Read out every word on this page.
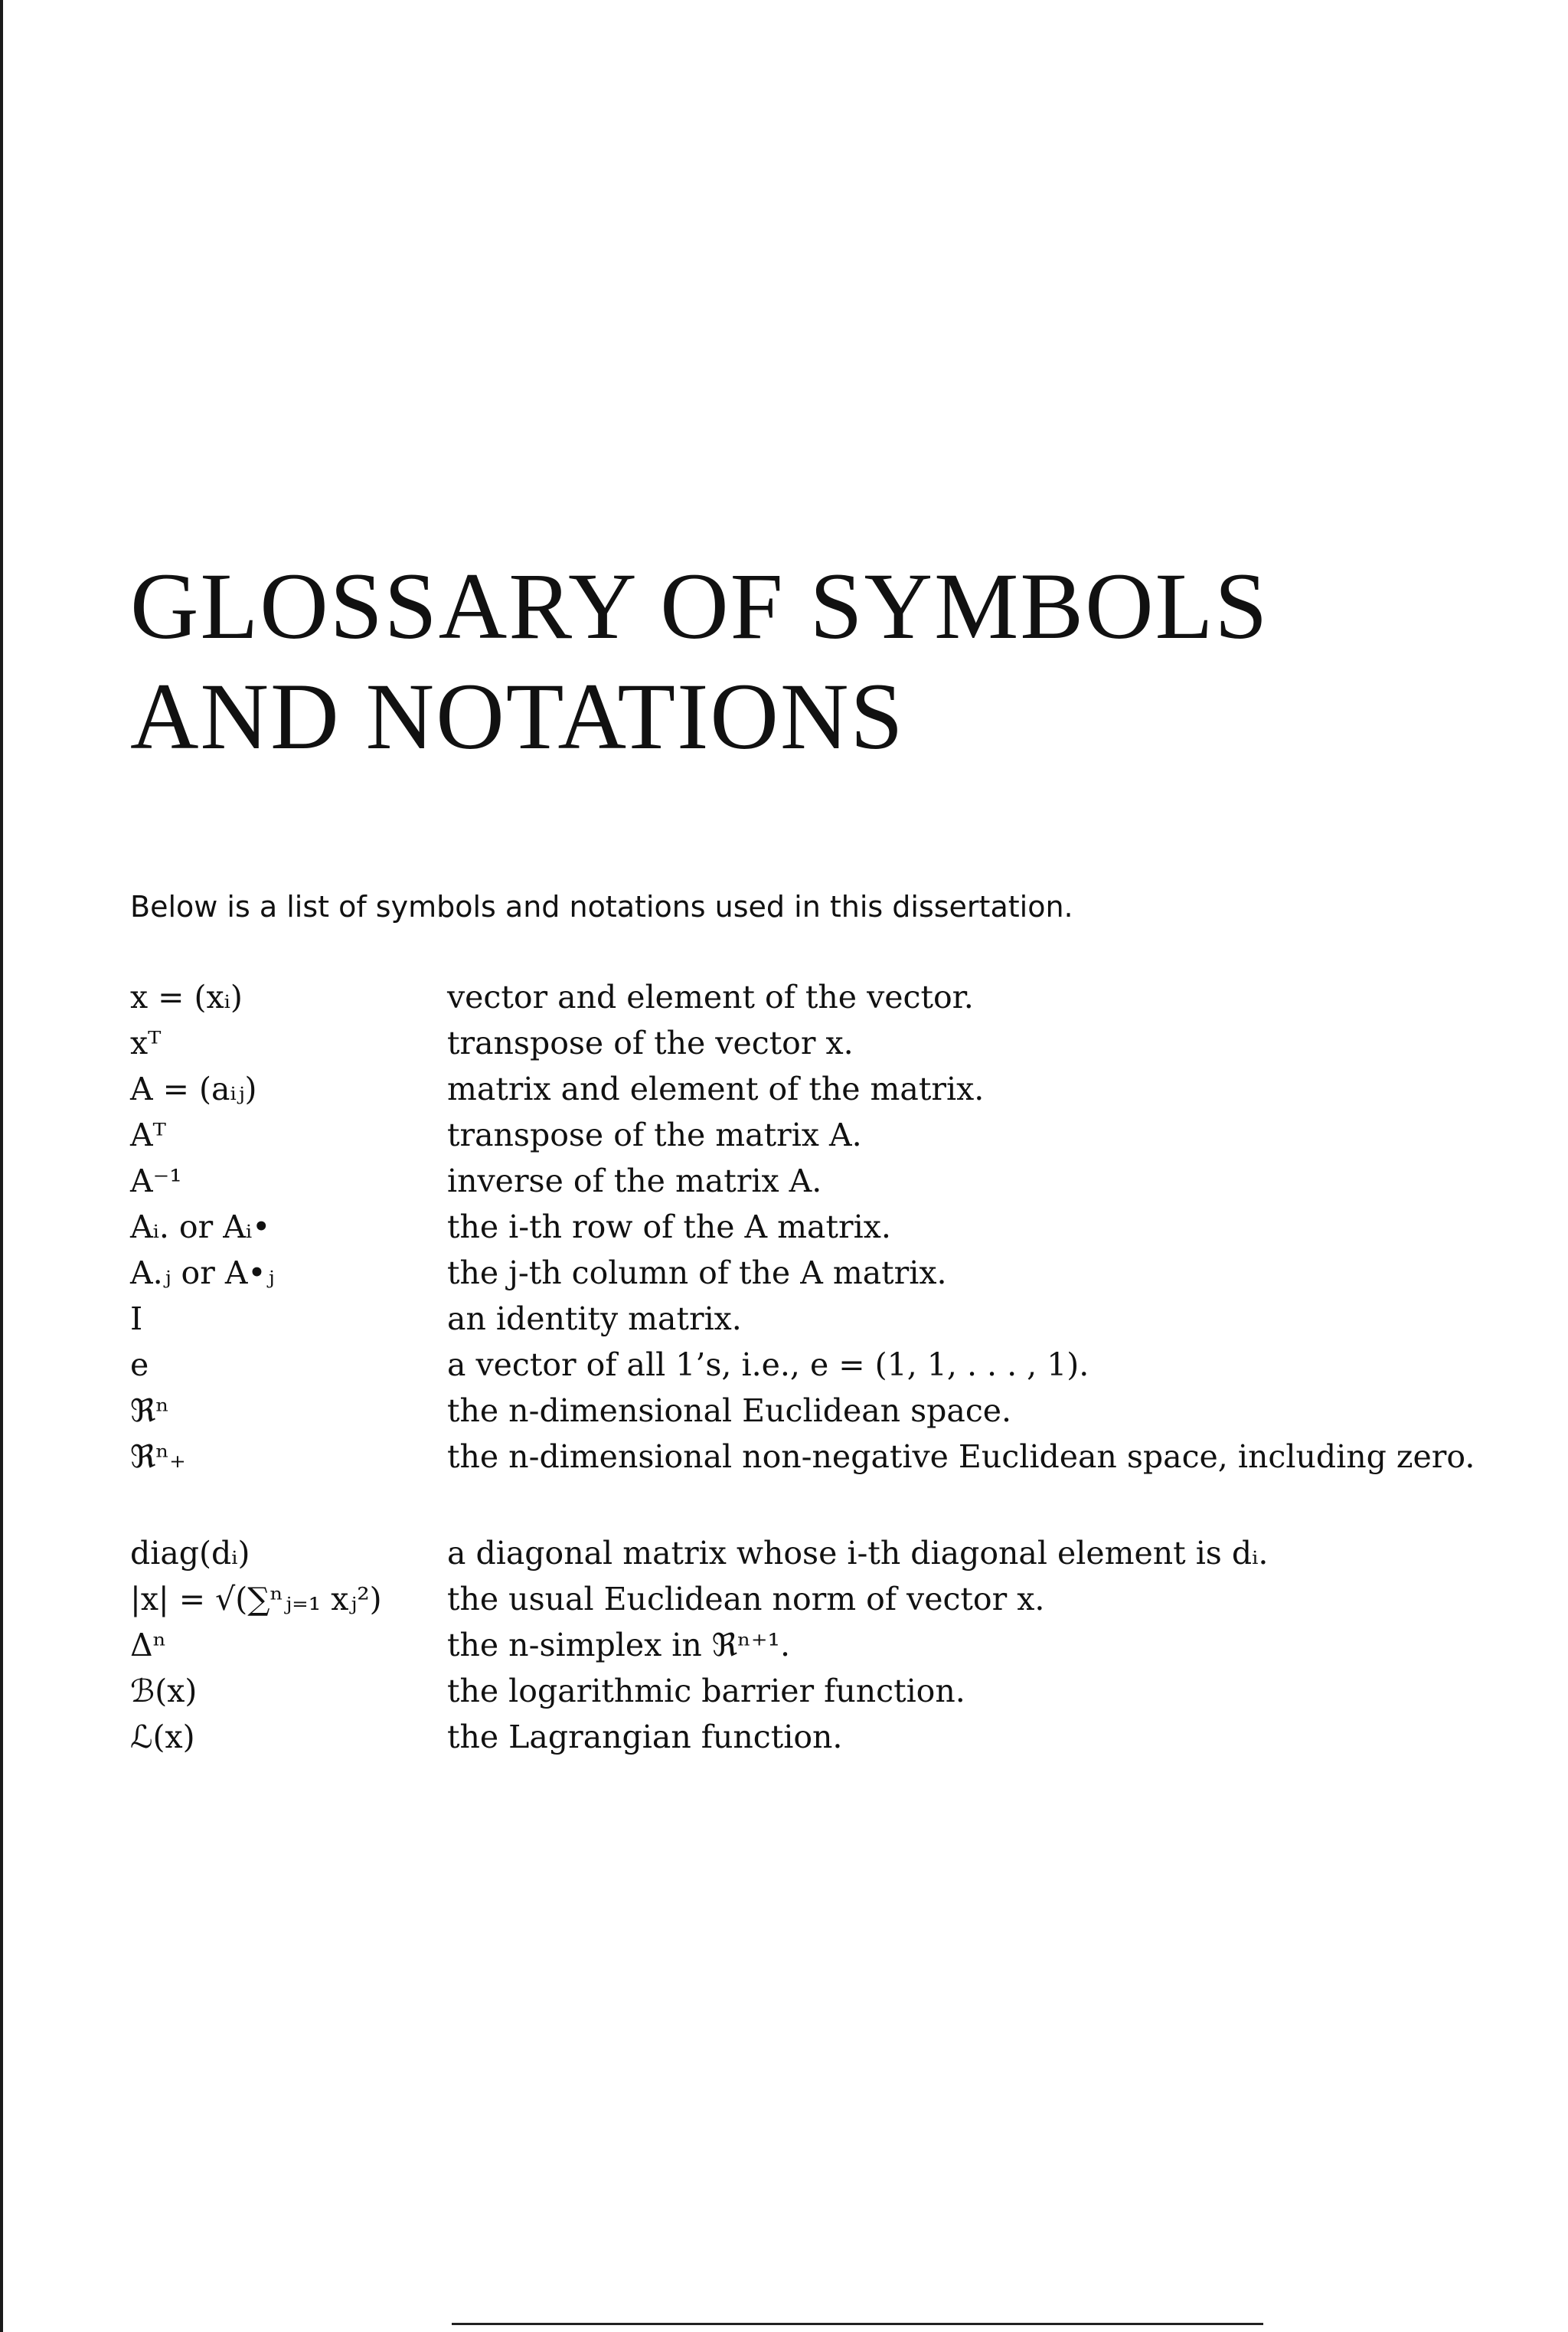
GLOSSARY OF SYMBOLS
AND NOTATIONS

Below is a list of symbols and notations used in this dissertation.

x = (xᵢ)	vector and element of the vector.
xᵀ	transpose of the vector x.
A = (aᵢⱼ)	matrix and element of the matrix.
Aᵀ	transpose of the matrix A.
A⁻¹	inverse of the matrix A.
Aᵢ. or Aᵢ•	the i-th row of the A matrix.
A.ⱼ or A•ⱼ	the j-th column of the A matrix.
I	an identity matrix.
e	a vector of all 1’s, i.e., e = (1, 1, . . . , 1).
ℜⁿ	the n-dimensional Euclidean space.
ℜⁿ₊	the n-dimensional non-negative Euclidean space, including zero.
diag(dᵢ)	a diagonal matrix whose i-th diagonal element is dᵢ.
|x| = √(∑ⁿⱼ₌₁ xⱼ²)	the usual Euclidean norm of vector x.
Δⁿ	the n-simplex in ℜⁿ⁺¹.
ℬ(x)	the logarithmic barrier function.
ℒ(x)	the Lagrangian function.
